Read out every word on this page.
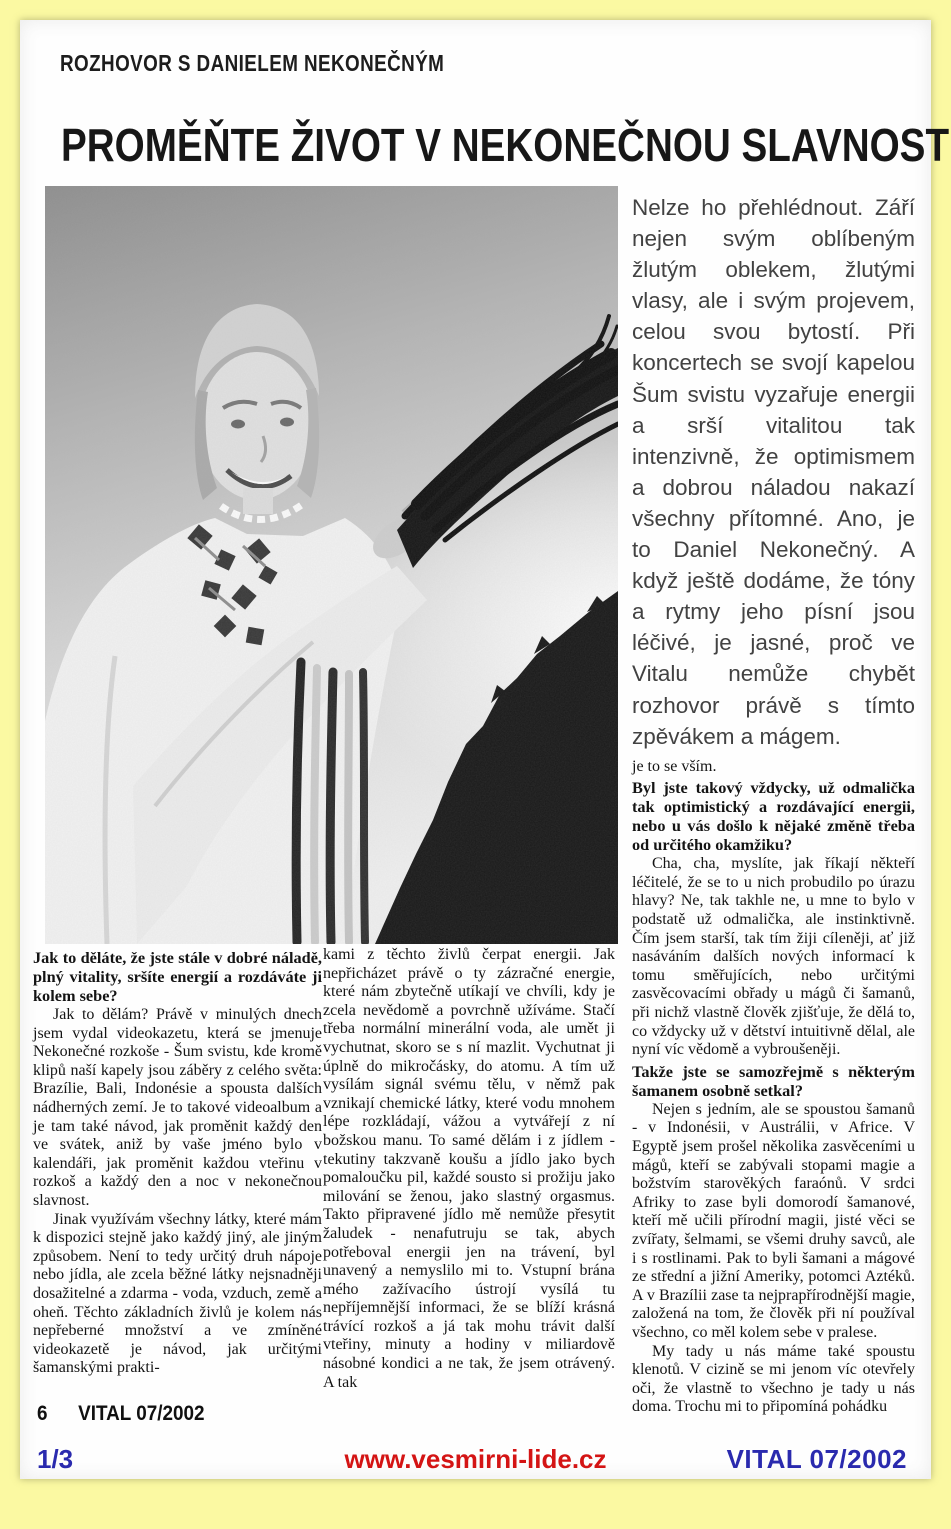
ROZHOVOR S DANIELEM NEKONEČNÝM
PROMĚŇTE ŽIVOT V NEKONEČNOU SLAVNOST

Nelze ho přehlédnout. Září nejen svým oblíbeným žlutým oblekem, žlutými vlasy, ale i svým projevem, celou svou bytostí. Při koncertech se svojí kapelou Šum svistu vyzařuje energii a srší vitalitou tak intenzivně, že optimismem a dobrou náladou nakazí všechny přítomné. Ano, je to Daniel Nekonečný. A když ještě dodáme, že tóny a rytmy jeho písní jsou léčivé, je jasné, proč ve Vitalu nemůže chybět rozhovor právě s tímto zpěvákem a mágem.

je to se vším.

Byl jste takový vždycky, už odmalička tak optimistický a rozdávající energii, nebo u vás došlo k nějaké změně třeba od určitého okamžiku?

Cha, cha, myslíte, jak říkají někteří léčitelé, že se to u nich probudilo po úrazu hlavy? Ne, tak takhle ne, u mne to bylo v podstatě už odmalička, ale instinktivně. Čím jsem starší, tak tím žiji cíleněji, ať již nasáváním dalších nových informací k tomu směřujících, nebo určitými zasvěcovacími obřady u mágů či šamanů, při nichž vlastně člověk zjišťuje, že dělá to, co vždycky už v dětství intuitivně dělal, ale nyní víc vědomě a vybroušeněji.

Takže jste se samozřejmě s některým šamanem osobně setkal?

Nejen s jedním, ale se spoustou šamanů - v Indonésii, v Austrálii, v Africe. V Egyptě jsem prošel několika zasvěceními u mágů, kteří se zabývali stopami magie a božstvím starověkých faraónů. V srdci Afriky to zase byli domorodí šamanové, kteří mě učili přírodní magii, jisté věci se zvířaty, šelmami, se všemi druhy savců, ale i s rostlinami. Pak to byli šamani a mágové ze střední a jižní Ameriky, potomci Aztéků. A v Brazílii zase ta nejprapřírodnější magie, založená na tom, že člověk při ní používal všechno, co měl kolem sebe v pralese.

My tady u nás máme také spoustu klenotů. V cizině se mi jenom víc otevřely oči, že vlastně to všechno je tady u nás doma. Trochu mi to připomíná pohádku

Jak to děláte, že jste stále v dobré náladě, plný vitality, sršíte energií a rozdáváte ji kolem sebe?

Jak to dělám? Právě v minulých dnech jsem vydal videokazetu, která se jmenuje Nekonečné rozkoše - Šum svistu, kde kromě klipů naší kapely jsou záběry z celého světa: Brazílie, Bali, Indonésie a spousta dalších nádherných zemí. Je to takové videoalbum a je tam také návod, jak proměnit každý den ve svátek, aniž by vaše jméno bylo v kalendáři, jak proměnit každou vteřinu v rozkoš a každý den a noc v nekonečnou slavnost.

Jinak využívám všechny látky, které mám k dispozici stejně jako každý jiný, ale jiným způsobem. Není to tedy určitý druh nápoje nebo jídla, ale zcela běžné látky nejsnadněji dosažitelné a zdarma - voda, vzduch, země a oheň. Těchto základních živlů je kolem nás nepřeberné množství a ve zmíněné videokazetě je návod, jak určitými šamanskými prakti-

kami z těchto živlů čerpat energii. Jak nepřicházet právě o ty zázračné energie, které nám zbytečně utíkají ve chvíli, kdy je zcela nevědomě a povrchně užíváme. Stačí třeba normální minerální voda, ale umět ji vychutnat, skoro se s ní mazlit. Vychutnat ji úplně do mikročásky, do atomu. A tím už vysílám signál svému tělu, v němž pak vznikají chemické látky, které vodu mnohem lépe rozkládají, vážou a vytvářejí z ní božskou manu. To samé dělám i z jídlem - tekutiny takzvaně koušu a jídlo jako bych pomaloučku pil, každé sousto si prožiju jako milování se ženou, jako slastný orgasmus. Takto připravené jídlo mě nemůže přesytit žaludek - nenafutruju se tak, abych potřeboval energii jen na trávení, byl unavený a nemyslilo mi to. Vstupní brána mého zažívacího ústrojí vysílá tu nepříjemnější informaci, že se blíží krásná trávící rozkoš a já tak mohu trávit další vteřiny, minuty a hodiny v miliardově násobné kondici a ne tak, že jsem otrávený. A tak

6 VITAL 07/2002
1/3	www.vesmirni-lide.cz	VITAL 07/2002
